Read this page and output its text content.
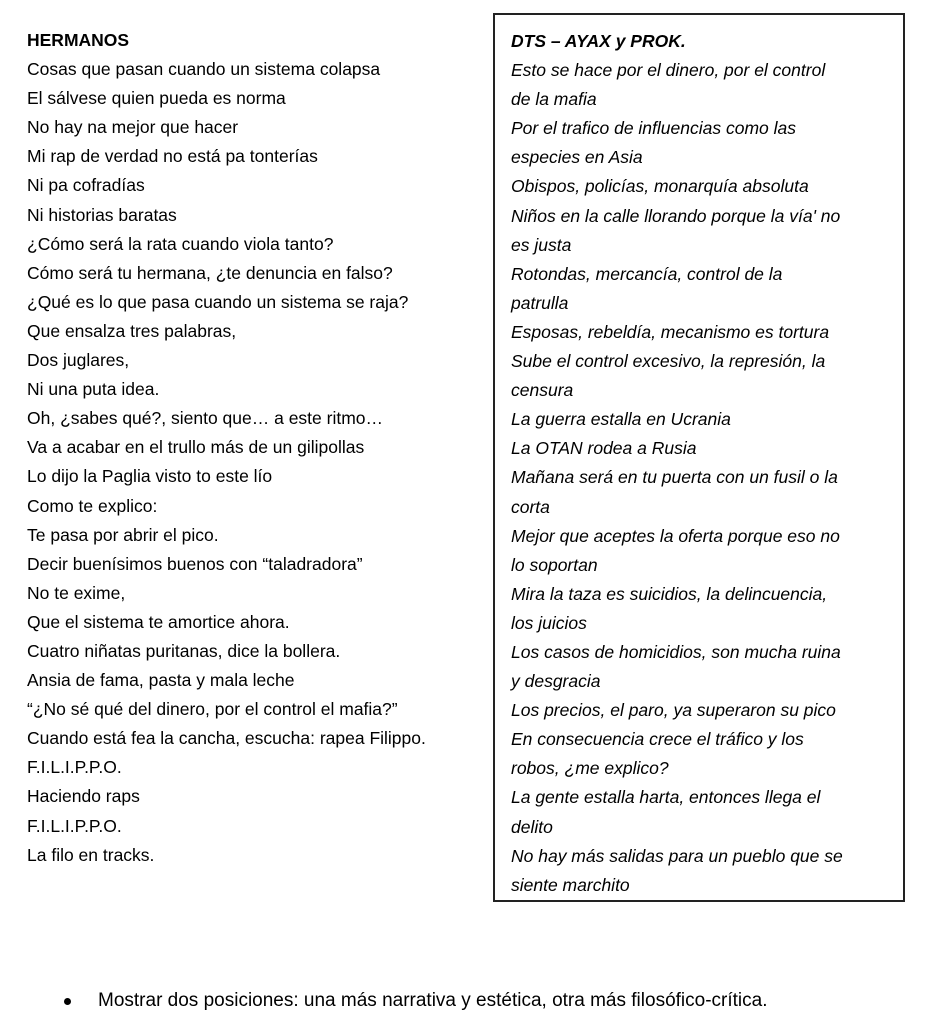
HERMANOS
Cosas que pasan cuando un sistema colapsa
El sálvese quien pueda es norma
No hay na mejor que hacer
Mi rap de verdad no está pa tonterías
Ni pa cofradías
Ni historias baratas
¿Cómo será la rata cuando viola tanto?
Cómo será tu hermana, ¿te denuncia en falso?
¿Qué es lo que pasa cuando un sistema se raja?
Que ensalza tres palabras,
Dos juglares,
Ni una puta idea.
Oh, ¿sabes qué?, siento que… a este ritmo…
Va a acabar en el trullo más de un gilipollas
Lo dijo la Paglia visto to este lío
Como te explico:
Te pasa por abrir el pico.
Decir buenísimos buenos con “taladradora”
No te exime,
Que el sistema te amortice ahora.
Cuatro niñatas puritanas, dice la bollera.
Ansia de fama, pasta y mala leche
“¿No sé qué del dinero, por el control el mafia?”
Cuando está fea la cancha, escucha: rapea Filippo.
F.I.L.I.P.P.O.
Haciendo raps
F.I.L.I.P.P.O.
La filo en tracks.
DTS – AYAX y PROK.
Esto se hace por el dinero, por el control
de la mafia
Por el trafico de influencias como las
especies en Asia
Obispos, policías, monarquía absoluta
Niños en la calle llorando porque la vía' no
es justa
Rotondas, mercancía, control de la
patrulla
Esposas, rebeldía, mecanismo es tortura
Sube el control excesivo, la represión, la
censura
La guerra estalla en Ucrania
La OTAN rodea a Rusia
Mañana será en tu puerta con un fusil o la
corta
Mejor que aceptes la oferta porque eso no
lo soportan
Mira la taza es suicidios, la delincuencia,
los juicios
Los casos de homicidios, son mucha ruina
y desgracia
Los precios, el paro, ya superaron su pico
En consecuencia crece el tráfico y los
robos, ¿me explico?
La gente estalla harta, entonces llega el
delito
No hay más salidas para un pueblo que se
siente marchito
Mostrar dos posiciones: una más narrativa y estética, otra más filosófico-crítica.
